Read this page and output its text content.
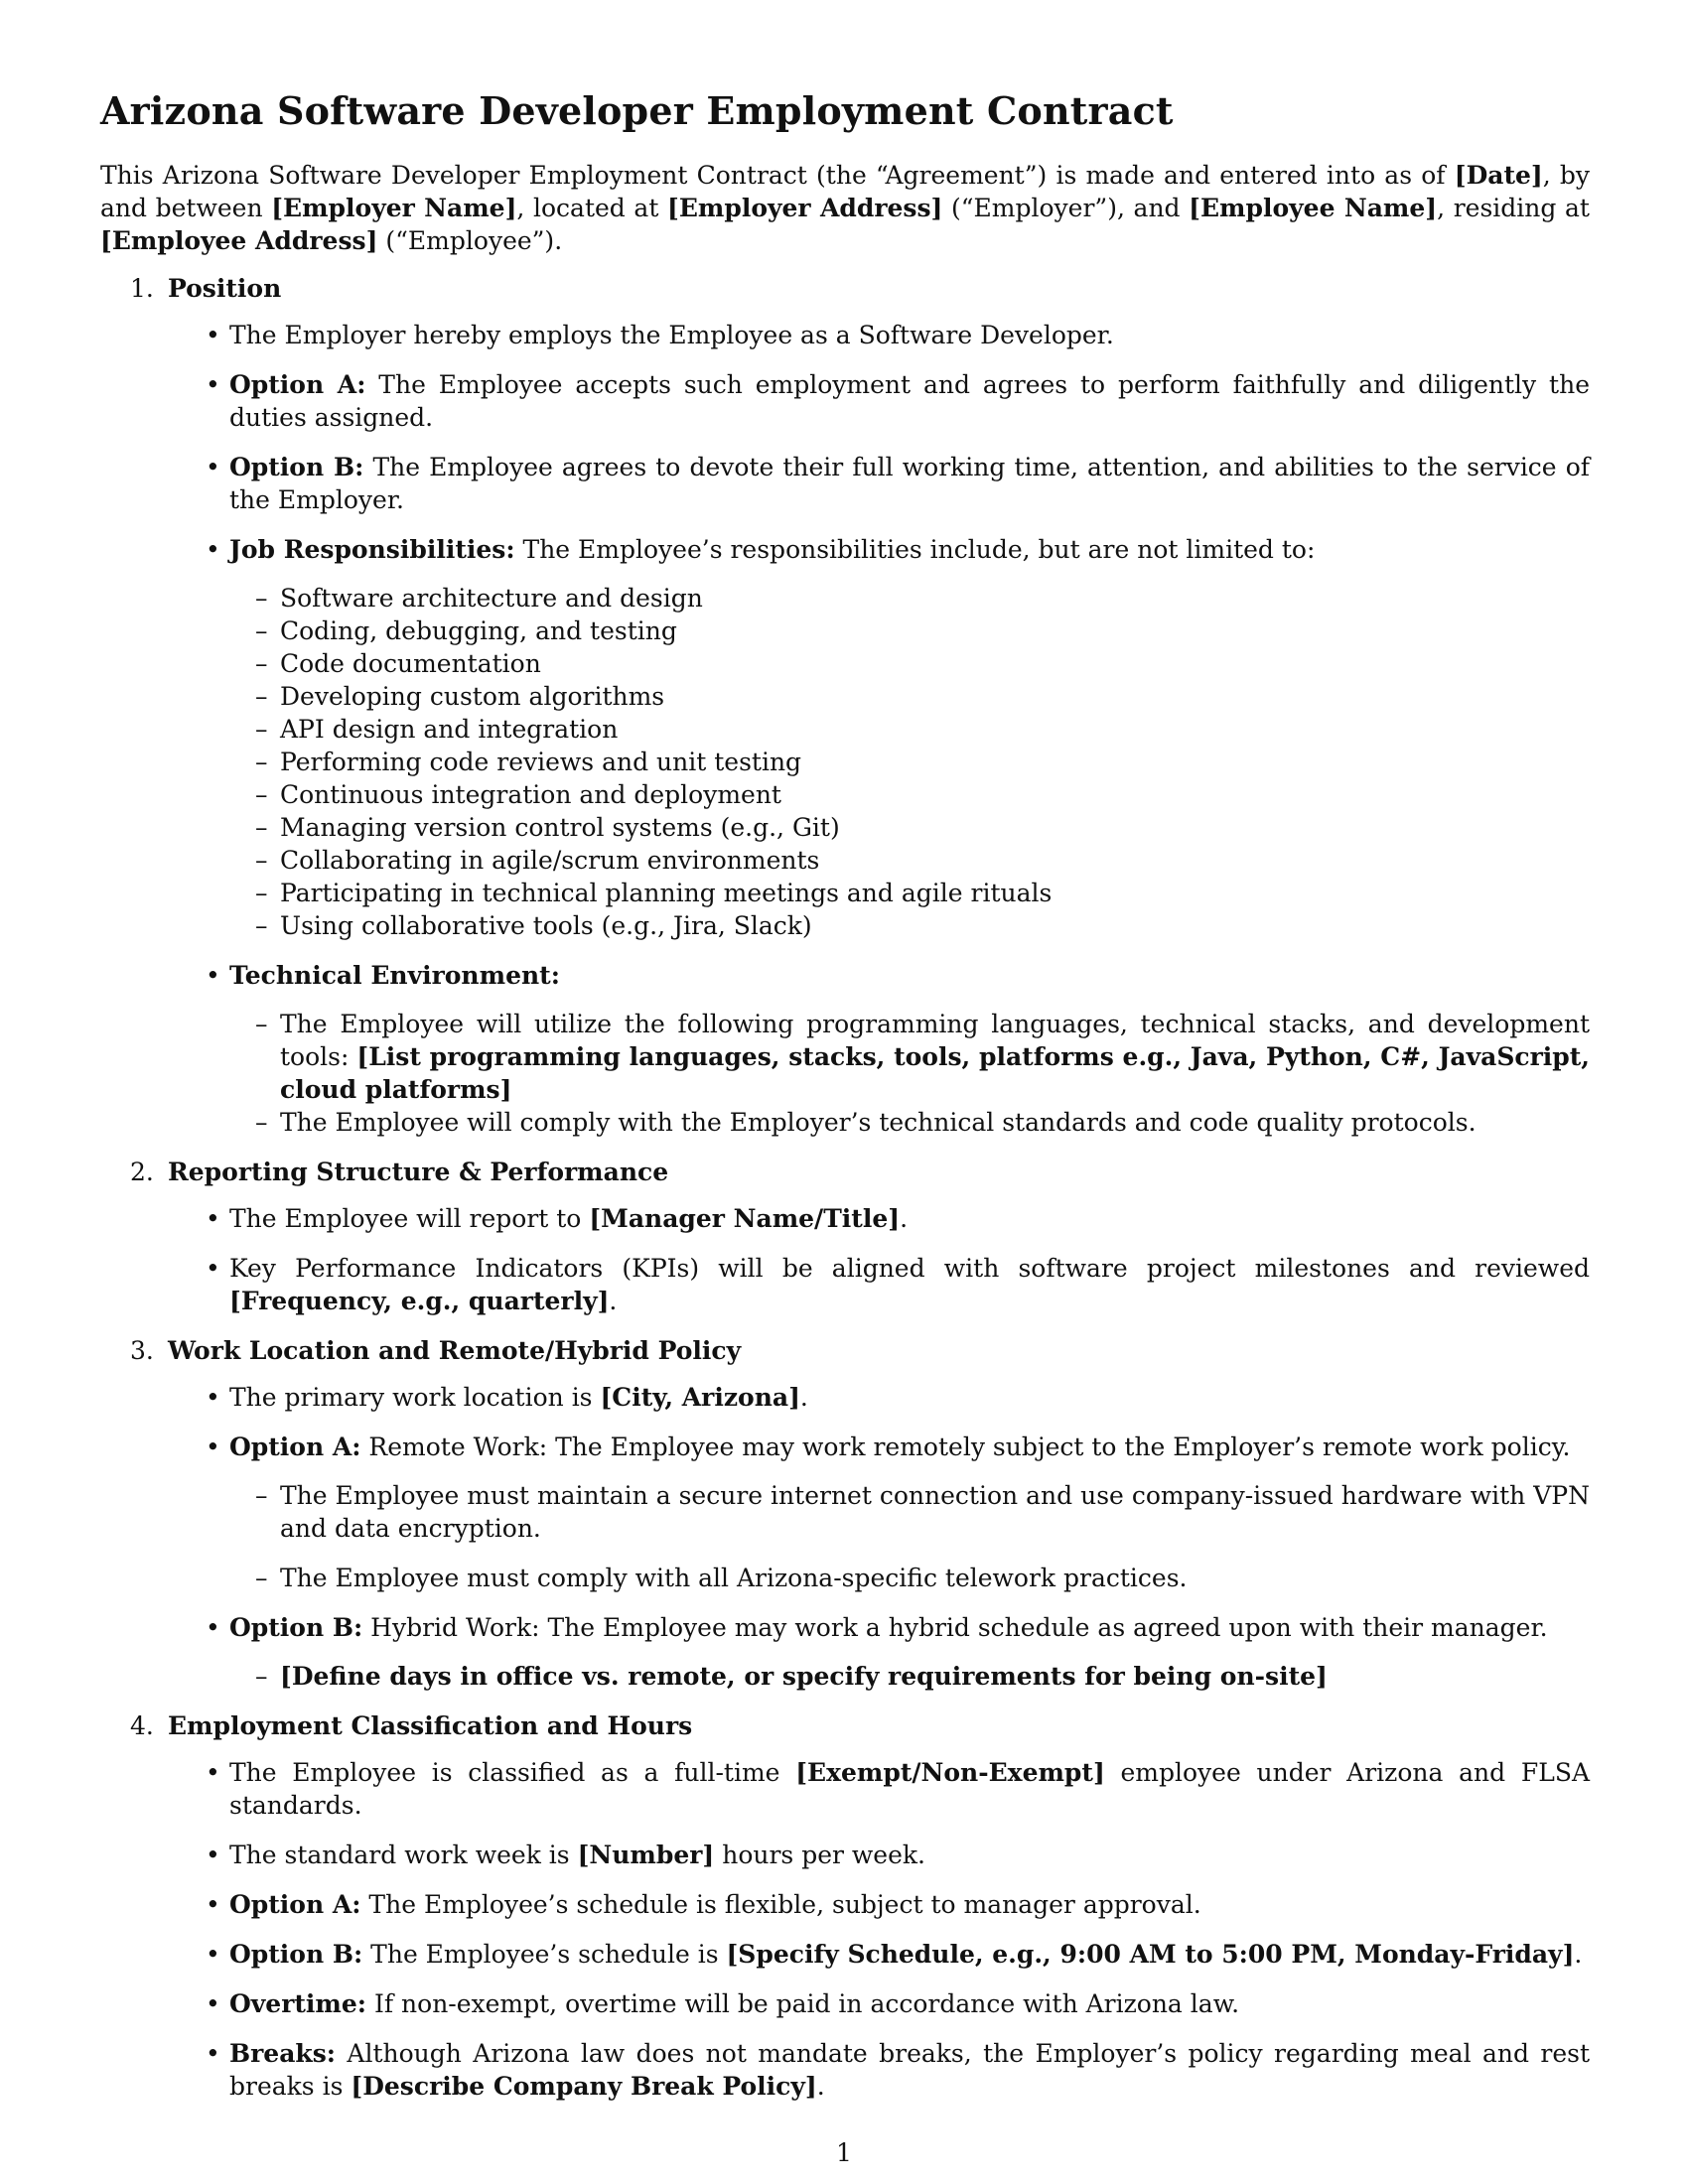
Arizona Software Developer Employment Contract

This Arizona Software Developer Employment Contract (the “Agreement”) is made and entered into as of [Date], by and between [Employer Name], located at [Employer Address] (“Employer”), and [Employee Name], residing at [Employee Address] (“Employee”).

1. Position
• The Employer hereby employs the Employee as a Software Developer.
• Option A: The Employee accepts such employment and agrees to perform faithfully and diligently the duties assigned.
• Option B: The Employee agrees to devote their full working time, attention, and abilities to the service of the Employer.
• Job Responsibilities: The Employee’s responsibilities include, but are not limited to:
– Software architecture and design
– Coding, debugging, and testing
– Code documentation
– Developing custom algorithms
– API design and integration
– Performing code reviews and unit testing
– Continuous integration and deployment
– Managing version control systems (e.g., Git)
– Collaborating in agile/scrum environments
– Participating in technical planning meetings and agile rituals
– Using collaborative tools (e.g., Jira, Slack)
• Technical Environment:
– The Employee will utilize the following programming languages, technical stacks, and development tools: [List programming languages, stacks, tools, platforms e.g., Java, Python, C#, JavaScript, cloud platforms]
– The Employee will comply with the Employer’s technical standards and code quality protocols.
2. Reporting Structure & Performance
• The Employee will report to [Manager Name/Title].
• Key Performance Indicators (KPIs) will be aligned with software project milestones and reviewed [Frequency, e.g., quarterly].
3. Work Location and Remote/Hybrid Policy
• The primary work location is [City, Arizona].
• Option A: Remote Work: The Employee may work remotely subject to the Employer’s remote work policy.
– The Employee must maintain a secure internet connection and use company-issued hardware with VPN and data encryption.
– The Employee must comply with all Arizona-specific telework practices.
• Option B: Hybrid Work: The Employee may work a hybrid schedule as agreed upon with their manager.
– [Define days in office vs. remote, or specify requirements for being on-site]
4. Employment Classification and Hours
• The Employee is classified as a full-time [Exempt/Non-Exempt] employee under Arizona and FLSA standards.
• The standard work week is [Number] hours per week.
• Option A: The Employee’s schedule is flexible, subject to manager approval.
• Option B: The Employee’s schedule is [Specify Schedule, e.g., 9:00 AM to 5:00 PM, Monday-Friday].
• Overtime: If non-exempt, overtime will be paid in accordance with Arizona law.
• Breaks: Although Arizona law does not mandate breaks, the Employer’s policy regarding meal and rest breaks is [Describe Company Break Policy].
1
